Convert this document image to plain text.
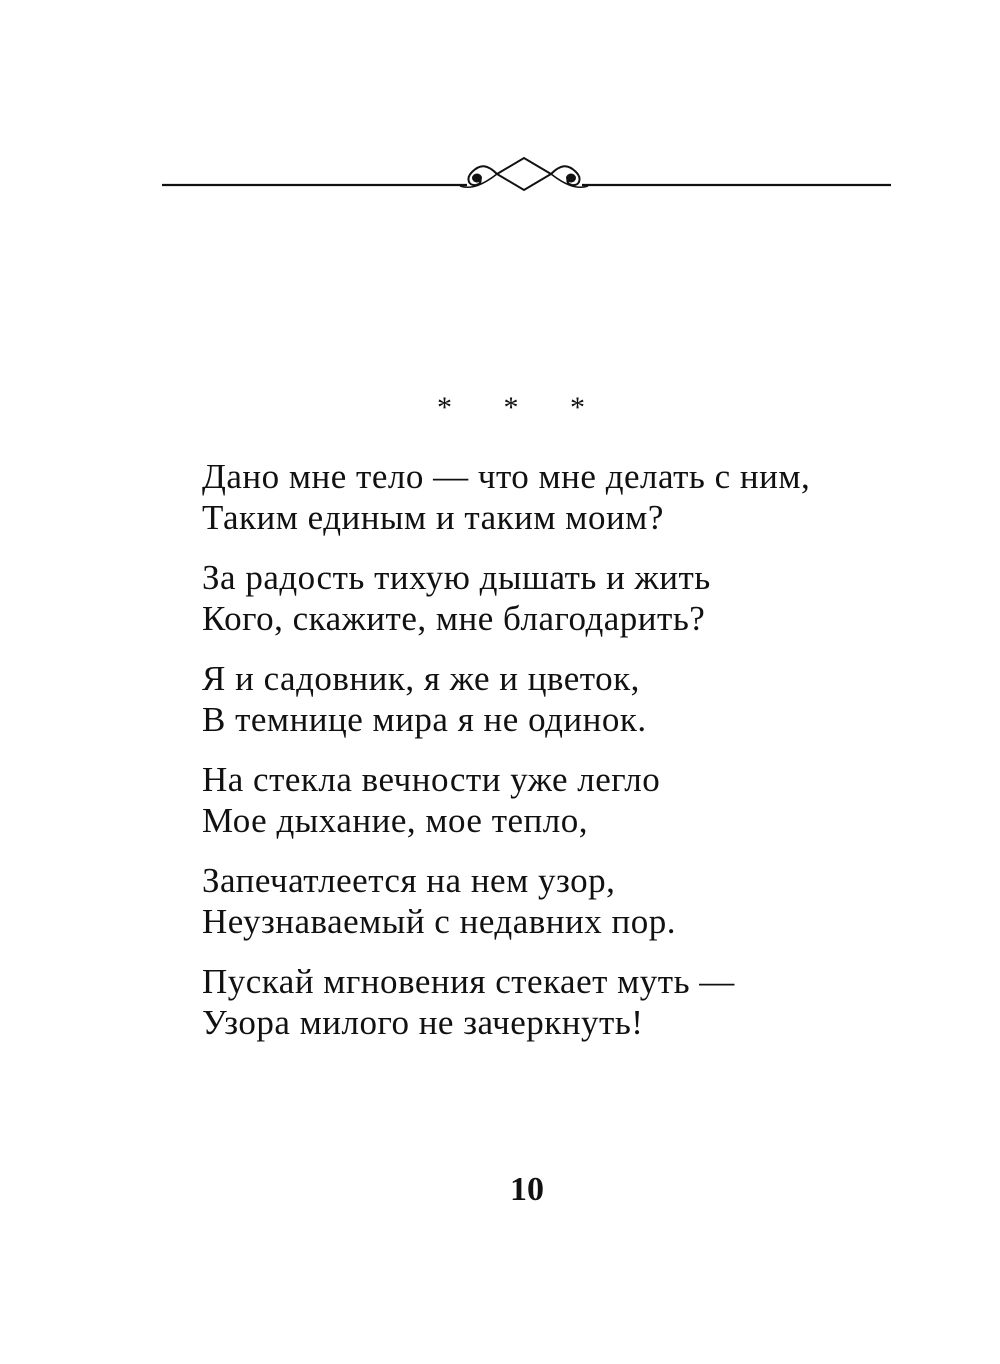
* * *
Дано мне тело — что мне делать с ним,
Таким единым и таким моим?
За радость тихую дышать и жить
Кого, скажите, мне благодарить?
Я и садовник, я же и цветок,
В темнице мира я не одинок.
На стекла вечности уже легло
Мое дыхание, мое тепло,
Запечатлеется на нем узор,
Неузнаваемый с недавних пор.
Пускай мгновения стекает муть —
Узора милого не зачеркнуть!
10
